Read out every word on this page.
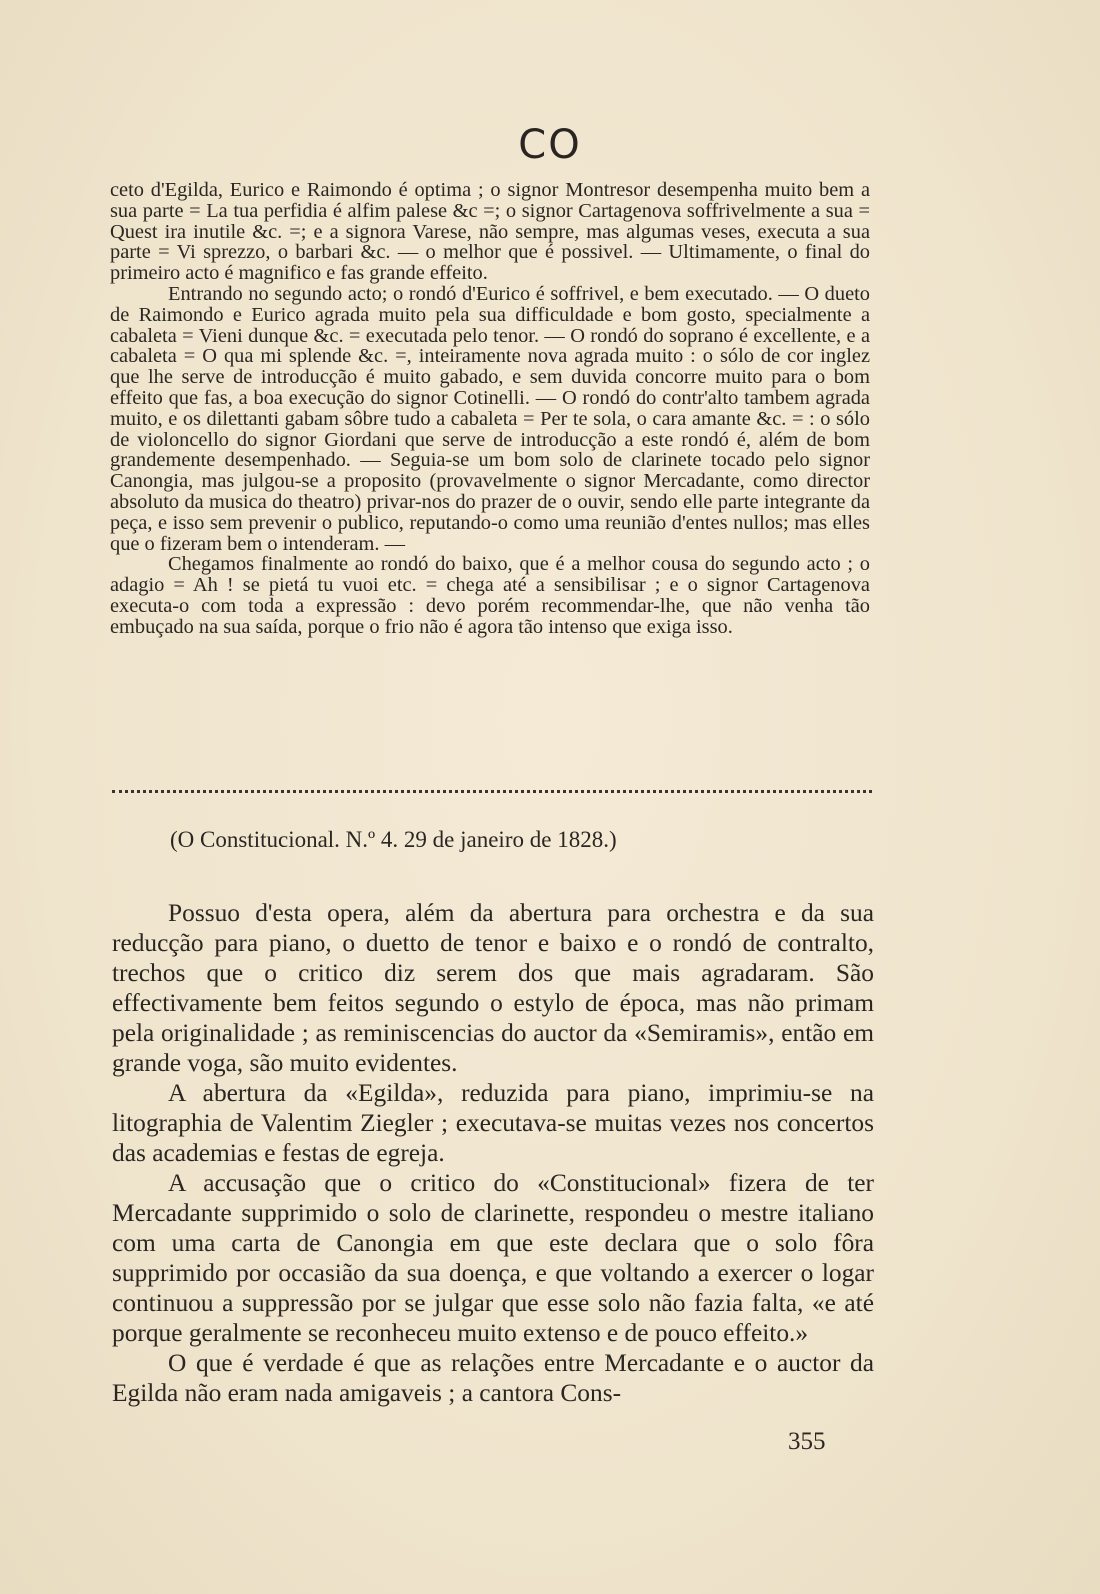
CO

ceto d'Egilda, Eurico e Raimondo é optima ; o signor Montresor desempenha muito bem a sua parte = La tua perfidia é alfim palese &c =; o signor Cartagenova soffrivelmente a sua = Quest ira inutile &c. =; e a signora Varese, não sempre, mas algumas veses, executa a sua parte = Vi sprezzo, o barbari &c. — o melhor que é possivel. — Ultimamente, o final do primeiro acto é magnifico e fas grande effeito.

Entrando no segundo acto; o rondó d'Eurico é soffrivel, e bem executado. — O dueto de Raimondo e Eurico agrada muito pela sua difficuldade e bom gosto, specialmente a cabaleta = Vieni dunque &c. = executada pelo tenor. — O rondó do soprano é excellente, e a cabaleta = O qua mi splende &c. =, inteiramente nova agrada muito : o sólo de cor inglez que lhe serve de introducção é muito gabado, e sem duvida concorre muito para o bom effeito que fas, a boa execução do signor Cotinelli. — O rondó do contr'alto tambem agrada muito, e os dilettanti gabam sôbre tudo a cabaleta = Per te sola, o cara amante &c. = : o sólo de violoncello do signor Giordani que serve de introducção a este rondó é, além de bom grandemente desempenhado. — Seguia-se um bom solo de clarinete tocado pelo signor Canongia, mas julgou-se a proposito (provavelmente o signor Mercadante, como director absoluto da musica do theatro) privar-nos do prazer de o ouvir, sendo elle parte integrante da peça, e isso sem prevenir o publico, reputando-o como uma reunião d'entes nullos; mas elles que o fizeram bem o intenderam. —

Chegamos finalmente ao rondó do baixo, que é a melhor cousa do segundo acto ; o adagio = Ah ! se pietá tu vuoi etc. = chega até a sensibilisar ; e o signor Cartagenova executa-o com toda a expressão : devo porém recommendar-lhe, que não venha tão embuçado na sua saída, porque o frio não é agora tão intenso que exiga isso.

(O Constitucional. N.º 4. 29 de janeiro de 1828.)

Possuo d'esta opera, além da abertura para orchestra e da sua reducção para piano, o duetto de tenor e baixo e o rondó de contralto, trechos que o critico diz serem dos que mais agradaram. São effectivamente bem feitos segundo o estylo de época, mas não primam pela originalidade ; as reminiscencias do auctor da «Semiramis», então em grande voga, são muito evidentes.

A abertura da «Egilda», reduzida para piano, imprimiu-se na litographia de Valentim Ziegler ; executava-se muitas vezes nos concertos das academias e festas de egreja.

A accusação que o critico do «Constitucional» fizera de ter Mercadante supprimido o solo de clarinette, respondeu o mestre italiano com uma carta de Canongia em que este declara que o solo fôra supprimido por occasião da sua doença, e que voltando a exercer o logar continuou a suppressão por se julgar que esse solo não fazia falta, «e até porque geralmente se reconheceu muito extenso e de pouco effeito.»

O que é verdade é que as relações entre Mercadante e o auctor da Egilda não eram nada amigaveis ; a cantora Cons-

355
